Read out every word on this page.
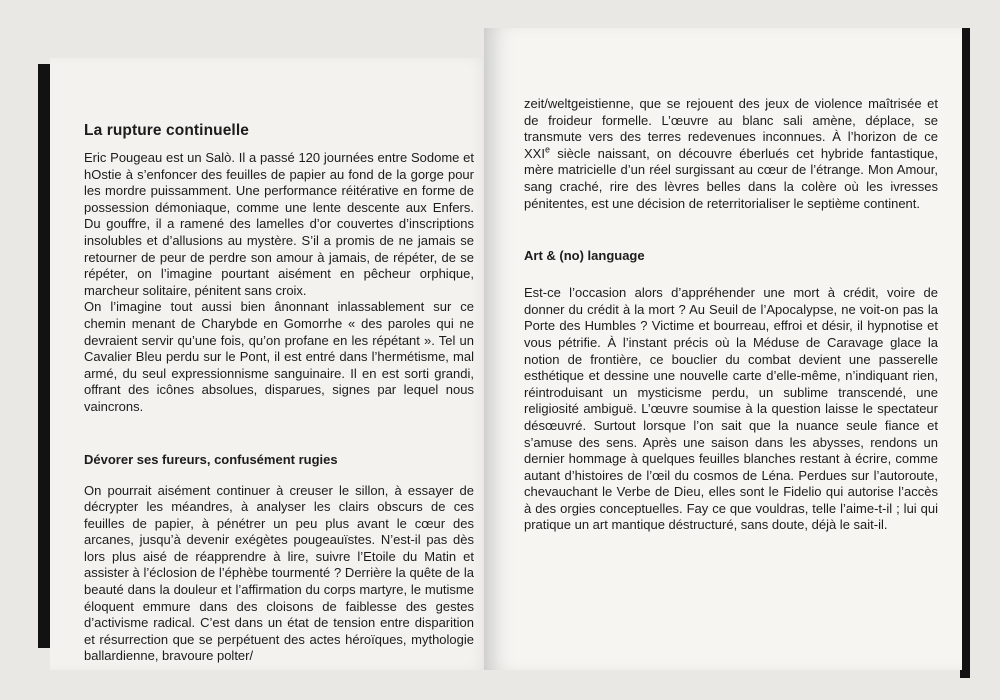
La rupture continuelle

Eric Pougeau est un Salò. Il a passé 120 journées entre Sodome et hOstie à s’enfoncer des feuilles de papier au fond de la gorge pour les mordre puissamment. Une performance réitérative en forme de possession démoniaque, comme une lente descente aux Enfers. Du gouffre, il a ramené des lamelles d’or couvertes d’inscriptions insolubles et d’allusions au mystère. S’il a promis de ne jamais se retourner de peur de perdre son amour à jamais, de répéter, de se répéter, on l’imagine pourtant aisément en pêcheur orphique, marcheur solitaire, pénitent sans croix.

On l’imagine tout aussi bien ânonnant inlassablement sur ce chemin menant de Charybde en Gomorrhe « des paroles qui ne devraient servir qu’une fois, qu’on profane en les répétant ». Tel un Cavalier Bleu perdu sur le Pont, il est entré dans l’hermétisme, mal armé, du seul expressionnisme sanguinaire. Il en est sorti grandi, offrant des icônes absolues, disparues, signes par lequel nous vaincrons.

Dévorer ses fureurs, confusément rugies

On pourrait aisément continuer à creuser le sillon, à essayer de décrypter les méandres, à analyser les clairs obscurs de ces feuilles de papier, à pénétrer un peu plus avant le cœur des arcanes, jusqu’à devenir exégètes pougeauïstes. N’est-il pas dès lors plus aisé de réapprendre à lire, suivre l’Etoile du Matin et assister à l’éclosion de l’éphèbe tourmenté ? Derrière la quête de la beauté dans la douleur et l’affirmation du corps martyre, le mutisme éloquent emmure dans des cloisons de faiblesse des gestes d’activisme radical. C’est dans un état de tension entre disparition et résurrection que se perpétuent des actes héroïques, mythologie ballardienne, bravoure polter/

zeit/weltgeistienne, que se rejouent des jeux de violence maîtrisée et de froideur formelle. L’œuvre au blanc sali amène, déplace, se transmute vers des terres redevenues inconnues. À l’horizon de ce XXIe siècle naissant, on découvre éberlués cet hybride fantastique, mère matricielle d’un réel surgissant au cœur de l’étrange. Mon Amour, sang craché, rire des lèvres belles dans la colère où les ivresses pénitentes, est une décision de reterritorialiser le septième continent.

Art & (no) language

Est-ce l’occasion alors d’appréhender une mort à crédit, voire de donner du crédit à la mort ? Au Seuil de l’Apocalypse, ne voit-on pas la Porte des Humbles ? Victime et bourreau, effroi et désir, il hypnotise et vous pétrifie. À l’instant précis où la Méduse de Caravage glace la notion de frontière, ce bouclier du combat devient une passerelle esthétique et dessine une nouvelle carte d’elle-même, n’indiquant rien, réintroduisant un mysticisme perdu, un sublime transcendé, une religiosité ambiguë. L’œuvre soumise à la question laisse le spectateur désœuvré. Surtout lorsque l’on sait que la nuance seule fiance et s’amuse des sens. Après une saison dans les abysses, rendons un dernier hommage à quelques feuilles blanches restant à écrire, comme autant d’histoires de l’œil du cosmos de Léna. Perdues sur l’autoroute, chevauchant le Verbe de Dieu, elles sont le Fidelio qui autorise l’accès à des orgies conceptuelles. Fay ce que vouldras, telle l’aime-t-il ; lui qui pratique un art mantique déstructuré, sans doute, déjà le sait-il.
